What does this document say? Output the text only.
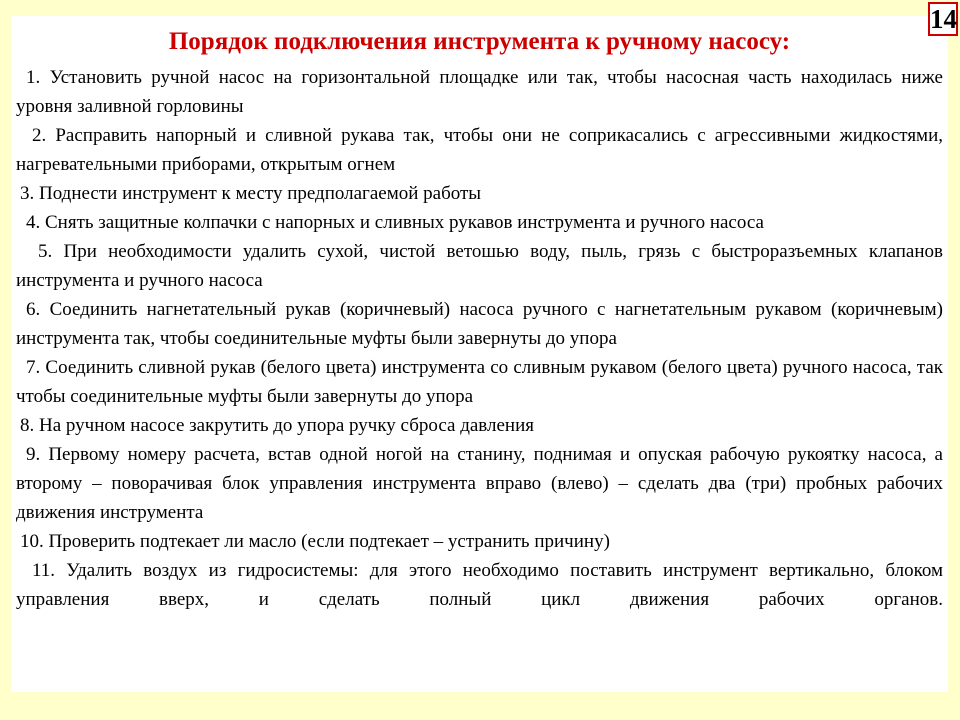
Порядок подключения инструмента к ручному насосу:
1. Установить ручной насос на горизонтальной площадке или так, чтобы насосная часть находилась ниже уровня заливной горловины
2. Расправить напорный и сливной рукава так, чтобы они не соприкасались с агрессивными жидкостями, нагревательными приборами, открытым огнем
3. Поднести инструмент к месту предполагаемой работы
4. Снять защитные колпачки с напорных и сливных рукавов инструмента и ручного насоса
5. При необходимости удалить сухой, чистой ветошью воду, пыль, грязь с быстроразъемных клапанов инструмента и ручного насоса
6. Соединить нагнетательный рукав (коричневый) насоса ручного с нагнетательным рукавом (коричневым) инструмента так, чтобы соединительные муфты были завернуты до упора
7. Соединить сливной рукав (белого цвета) инструмента со сливным рукавом (белого цвета) ручного насоса, так чтобы соединительные муфты были завернуты до упора
8. На ручном насосе закрутить до упора ручку сброса давления
9. Первому номеру расчета, встав одной ногой на станину, поднимая и опуская рабочую рукоятку насоса, а второму – поворачивая блок управления инструмента вправо (влево) – сделать два (три) пробных рабочих движения инструмента
10. Проверить подтекает ли масло (если подтекает – устранить причину)
11. Удалить воздух из гидросистемы: для этого необходимо поставить инструмент вертикально, блоком управления вверх, и сделать полный цикл движения рабочих органов.
14
